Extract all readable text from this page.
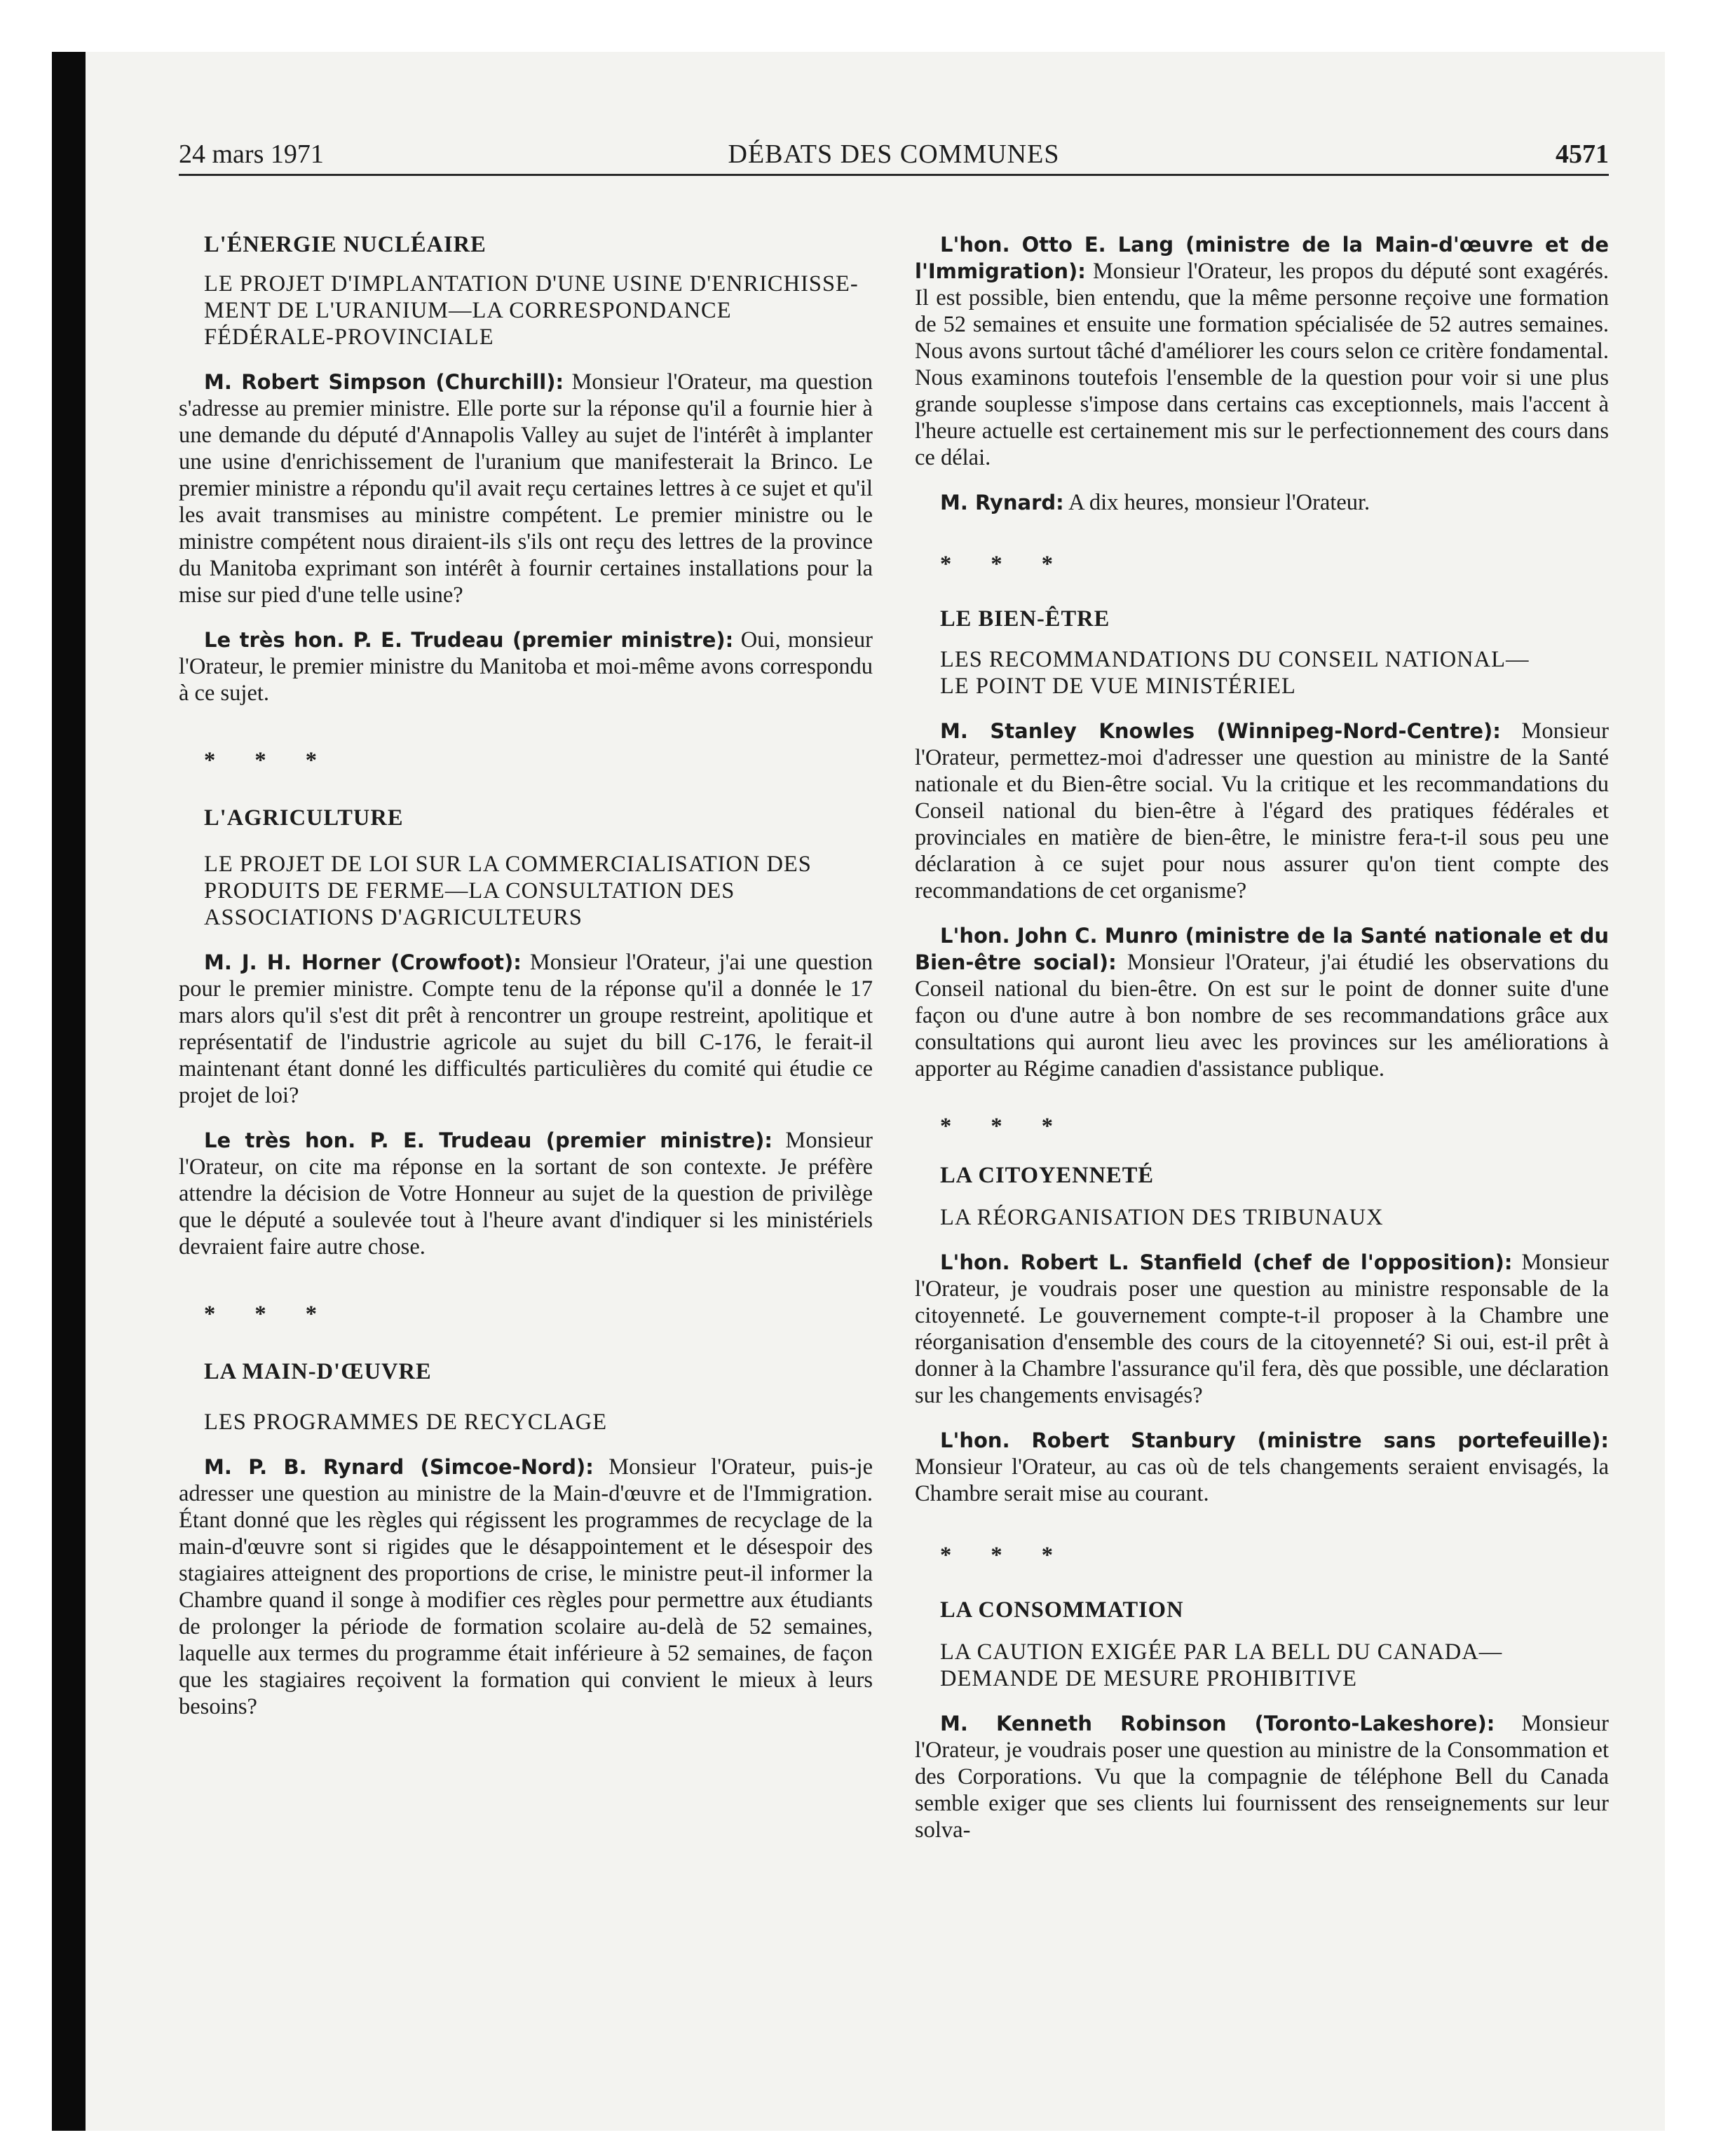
24 mars 1971	DÉBATS DES COMMUNES	4571

L'ÉNERGIE NUCLÉAIRE

LE PROJET D'IMPLANTATION D'UNE USINE D'ENRICHISSE-

MENT DE L'URANIUM—LA CORRESPONDANCE

FÉDÉRALE-PROVINCIALE

M. Robert Simpson (Churchill): Monsieur l'Orateur, ma question s'adresse au premier ministre. Elle porte sur la réponse qu'il a fournie hier à une demande du député d'Annapolis Valley au sujet de l'intérêt à implanter une usine d'enrichissement de l'uranium que manifesterait la Brinco. Le premier ministre a répondu qu'il avait reçu certaines lettres à ce sujet et qu'il les avait transmises au ministre compétent. Le premier ministre ou le ministre compétent nous diraient-ils s'ils ont reçu des lettres de la province du Manitoba exprimant son intérêt à fournir certaines installations pour la mise sur pied d'une telle usine?

Le très hon. P. E. Trudeau (premier ministre): Oui, monsieur l'Orateur, le premier ministre du Manitoba et moi-même avons correspondu à ce sujet.

* * *

L'AGRICULTURE

LE PROJET DE LOI SUR LA COMMERCIALISATION DES

PRODUITS DE FERME—LA CONSULTATION DES

ASSOCIATIONS D'AGRICULTEURS

M. J. H. Horner (Crowfoot): Monsieur l'Orateur, j'ai une question pour le premier ministre. Compte tenu de la réponse qu'il a donnée le 17 mars alors qu'il s'est dit prêt à rencontrer un groupe restreint, apolitique et représentatif de l'industrie agricole au sujet du bill C-176, le ferait-il maintenant étant donné les difficultés particulières du comité qui étudie ce projet de loi?

Le très hon. P. E. Trudeau (premier ministre): Monsieur l'Orateur, on cite ma réponse en la sortant de son contexte. Je préfère attendre la décision de Votre Honneur au sujet de la question de privilège que le député a soulevée tout à l'heure avant d'indiquer si les ministériels devraient faire autre chose.

* * *

LA MAIN-D'ŒUVRE

LES PROGRAMMES DE RECYCLAGE

M. P. B. Rynard (Simcoe-Nord): Monsieur l'Orateur, puis-je adresser une question au ministre de la Main-d'œuvre et de l'Immigration. Étant donné que les règles qui régissent les programmes de recyclage de la main-d'œuvre sont si rigides que le désappointement et le désespoir des stagiaires atteignent des proportions de crise, le ministre peut-il informer la Chambre quand il songe à modifier ces règles pour permettre aux étudiants de prolonger la période de formation scolaire au-delà de 52 semaines, laquelle aux termes du programme était inférieure à 52 semaines, de façon que les stagiaires reçoivent la formation qui convient le mieux à leurs besoins?

L'hon. Otto E. Lang (ministre de la Main-d'œuvre et de l'Immigration): Monsieur l'Orateur, les propos du député sont exagérés. Il est possible, bien entendu, que la même personne reçoive une formation de 52 semaines et ensuite une formation spécialisée de 52 autres semaines. Nous avons surtout tâché d'améliorer les cours selon ce critère fondamental. Nous examinons toutefois l'ensemble de la question pour voir si une plus grande souplesse s'impose dans certains cas exceptionnels, mais l'accent à l'heure actuelle est certainement mis sur le perfectionnement des cours dans ce délai.

M. Rynard: A dix heures, monsieur l'Orateur.

* * *

LE BIEN-ÊTRE

LES RECOMMANDATIONS DU CONSEIL NATIONAL—

LE POINT DE VUE MINISTÉRIEL

M. Stanley Knowles (Winnipeg-Nord-Centre): Monsieur l'Orateur, permettez-moi d'adresser une question au ministre de la Santé nationale et du Bien-être social. Vu la critique et les recommandations du Conseil national du bien-être à l'égard des pratiques fédérales et provinciales en matière de bien-être, le ministre fera-t-il sous peu une déclaration à ce sujet pour nous assurer qu'on tient compte des recommandations de cet organisme?

L'hon. John C. Munro (ministre de la Santé nationale et du Bien-être social): Monsieur l'Orateur, j'ai étudié les observations du Conseil national du bien-être. On est sur le point de donner suite d'une façon ou d'une autre à bon nombre de ses recommandations grâce aux consultations qui auront lieu avec les provinces sur les améliorations à apporter au Régime canadien d'assistance publique.

* * *

LA CITOYENNETÉ

LA RÉORGANISATION DES TRIBUNAUX

L'hon. Robert L. Stanfield (chef de l'opposition): Monsieur l'Orateur, je voudrais poser une question au ministre responsable de la citoyenneté. Le gouvernement compte-t-il proposer à la Chambre une réorganisation d'ensemble des cours de la citoyenneté? Si oui, est-il prêt à donner à la Chambre l'assurance qu'il fera, dès que possible, une déclaration sur les changements envisagés?

L'hon. Robert Stanbury (ministre sans portefeuille): Monsieur l'Orateur, au cas où de tels changements seraient envisagés, la Chambre serait mise au courant.

* * *

LA CONSOMMATION

LA CAUTION EXIGÉE PAR LA BELL DU CANADA—

DEMANDE DE MESURE PROHIBITIVE

M. Kenneth Robinson (Toronto-Lakeshore): Monsieur l'Orateur, je voudrais poser une question au ministre de la Consommation et des Corporations. Vu que la compagnie de téléphone Bell du Canada semble exiger que ses clients lui fournissent des renseignements sur leur solva-
